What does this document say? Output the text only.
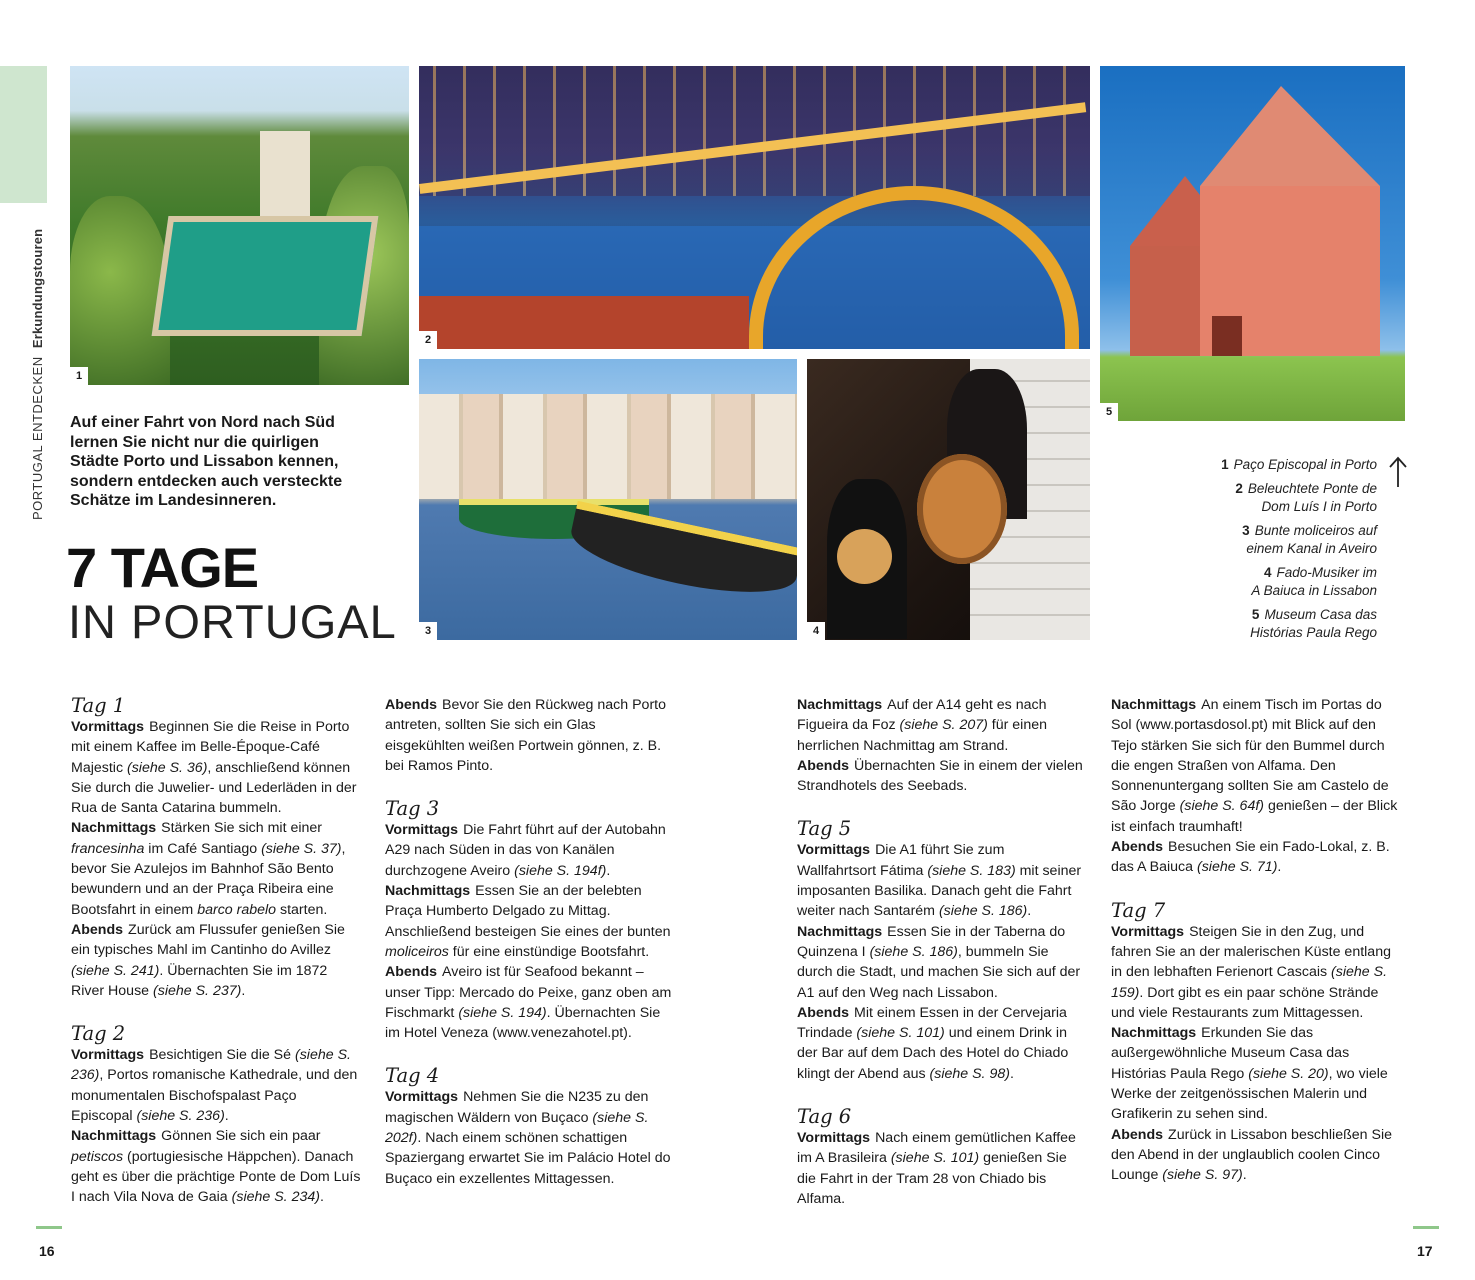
PORTUGAL ENTDECKEN  Erkundungstouren
1
2
3	4
5
Auf einer Fahrt von Nord nach Süd lernen Sie nicht nur die quirligen Städte Porto und Lissabon kennen, sondern entdecken auch versteckte Schätze im Landesinneren.
7 TAGE
IN PORTUGAL
1 Paço Episcopal in Porto
2 Beleuchtete Ponte de
Dom Luís I in Porto
3 Bunte moliceiros auf
einem Kanal in Aveiro
4 Fado-Musiker im
A Baiuca in Lissabon
5 Museum Casa das
Histórias Paula Rego

Tag 1

Vormittags Beginnen Sie die Reise in Porto mit einem Kaffee im Belle-Époque-Café Majestic (siehe S. 36), anschließend können Sie durch die Juwelier- und Lederläden in der Rua de Santa Catarina bummeln.

Nachmittags Stärken Sie sich mit einer francesinha im Café Santiago (siehe S. 37), bevor Sie Azulejos im Bahnhof São Bento bewundern und an der Praça Ribeira eine Bootsfahrt in einem barco rabelo starten.

Abends Zurück am Flussufer genießen Sie ein typisches Mahl im Cantinho do Avillez (siehe S. 241). Übernachten Sie im 1872 River House (siehe S. 237).

Tag 2

Vormittags Besichtigen Sie die Sé (siehe S. 236), Portos romanische Kathedrale, und den monumentalen Bischofspalast Paço Episcopal (siehe S. 236).

Nachmittags Gönnen Sie sich ein paar petiscos (portugiesische Häppchen). Danach geht es über die prächtige Ponte de Dom Luís I nach Vila Nova de Gaia (siehe S. 234).

Abends Bevor Sie den Rückweg nach Porto antreten, sollten Sie sich ein Glas eisgekühlten weißen Portwein gönnen, z. B. bei Ramos Pinto.

Tag 3

Vormittags Die Fahrt führt auf der Autobahn A29 nach Süden in das von Kanälen durchzogene Aveiro (siehe S. 194f).

Nachmittags Essen Sie an der belebten Praça Humberto Delgado zu Mittag. Anschließend besteigen Sie eines der bunten moliceiros für eine einstündige Bootsfahrt.

Abends Aveiro ist für Seafood bekannt – unser Tipp: Mercado do Peixe, ganz oben am Fischmarkt (siehe S. 194). Übernachten Sie im Hotel Veneza (www.venezahotel.pt).

Tag 4

Vormittags Nehmen Sie die N235 zu den magischen Wäldern von Buçaco (siehe S. 202f). Nach einem schönen schattigen Spaziergang erwartet Sie im Palácio Hotel do Buçaco ein exzellentes Mittagessen.

Nachmittags Auf der A14 geht es nach Figueira da Foz (siehe S. 207) für einen herrlichen Nachmittag am Strand.

Abends Übernachten Sie in einem der vielen Strandhotels des Seebads.

Tag 5

Vormittags Die A1 führt Sie zum Wallfahrtsort Fátima (siehe S. 183) mit seiner imposanten Basilika. Danach geht die Fahrt weiter nach Santarém (siehe S. 186).

Nachmittags Essen Sie in der Taberna do Quinzena I (siehe S. 186), bummeln Sie durch die Stadt, und machen Sie sich auf der A1 auf den Weg nach Lissabon.

Abends Mit einem Essen in der Cervejaria Trindade (siehe S. 101) und einem Drink in der Bar auf dem Dach des Hotel do Chiado klingt der Abend aus (siehe S. 98).

Tag 6

Vormittags Nach einem gemütlichen Kaffee im A Brasileira (siehe S. 101) genießen Sie die Fahrt in der Tram 28 von Chiado bis Alfama.

Nachmittags An einem Tisch im Portas do Sol (www.portasdosol.pt) mit Blick auf den Tejo stärken Sie sich für den Bummel durch die engen Straßen von Alfama. Den Sonnenuntergang sollten Sie am Castelo de São Jorge (siehe S. 64f) genießen – der Blick ist einfach traumhaft!

Abends Besuchen Sie ein Fado-Lokal, z. B. das A Baiuca (siehe S. 71).

Tag 7

Vormittags Steigen Sie in den Zug, und fahren Sie an der malerischen Küste entlang in den lebhaften Ferienort Cascais (siehe S. 159). Dort gibt es ein paar schöne Strände und viele Restaurants zum Mittagessen.

Nachmittags Erkunden Sie das außergewöhnliche Museum Casa das Histórias Paula Rego (siehe S. 20), wo viele Werke der zeitgenössischen Malerin und Grafikerin zu sehen sind.

Abends Zurück in Lissabon beschließen Sie den Abend in der unglaublich coolen Cinco Lounge (siehe S. 97).

16	17
